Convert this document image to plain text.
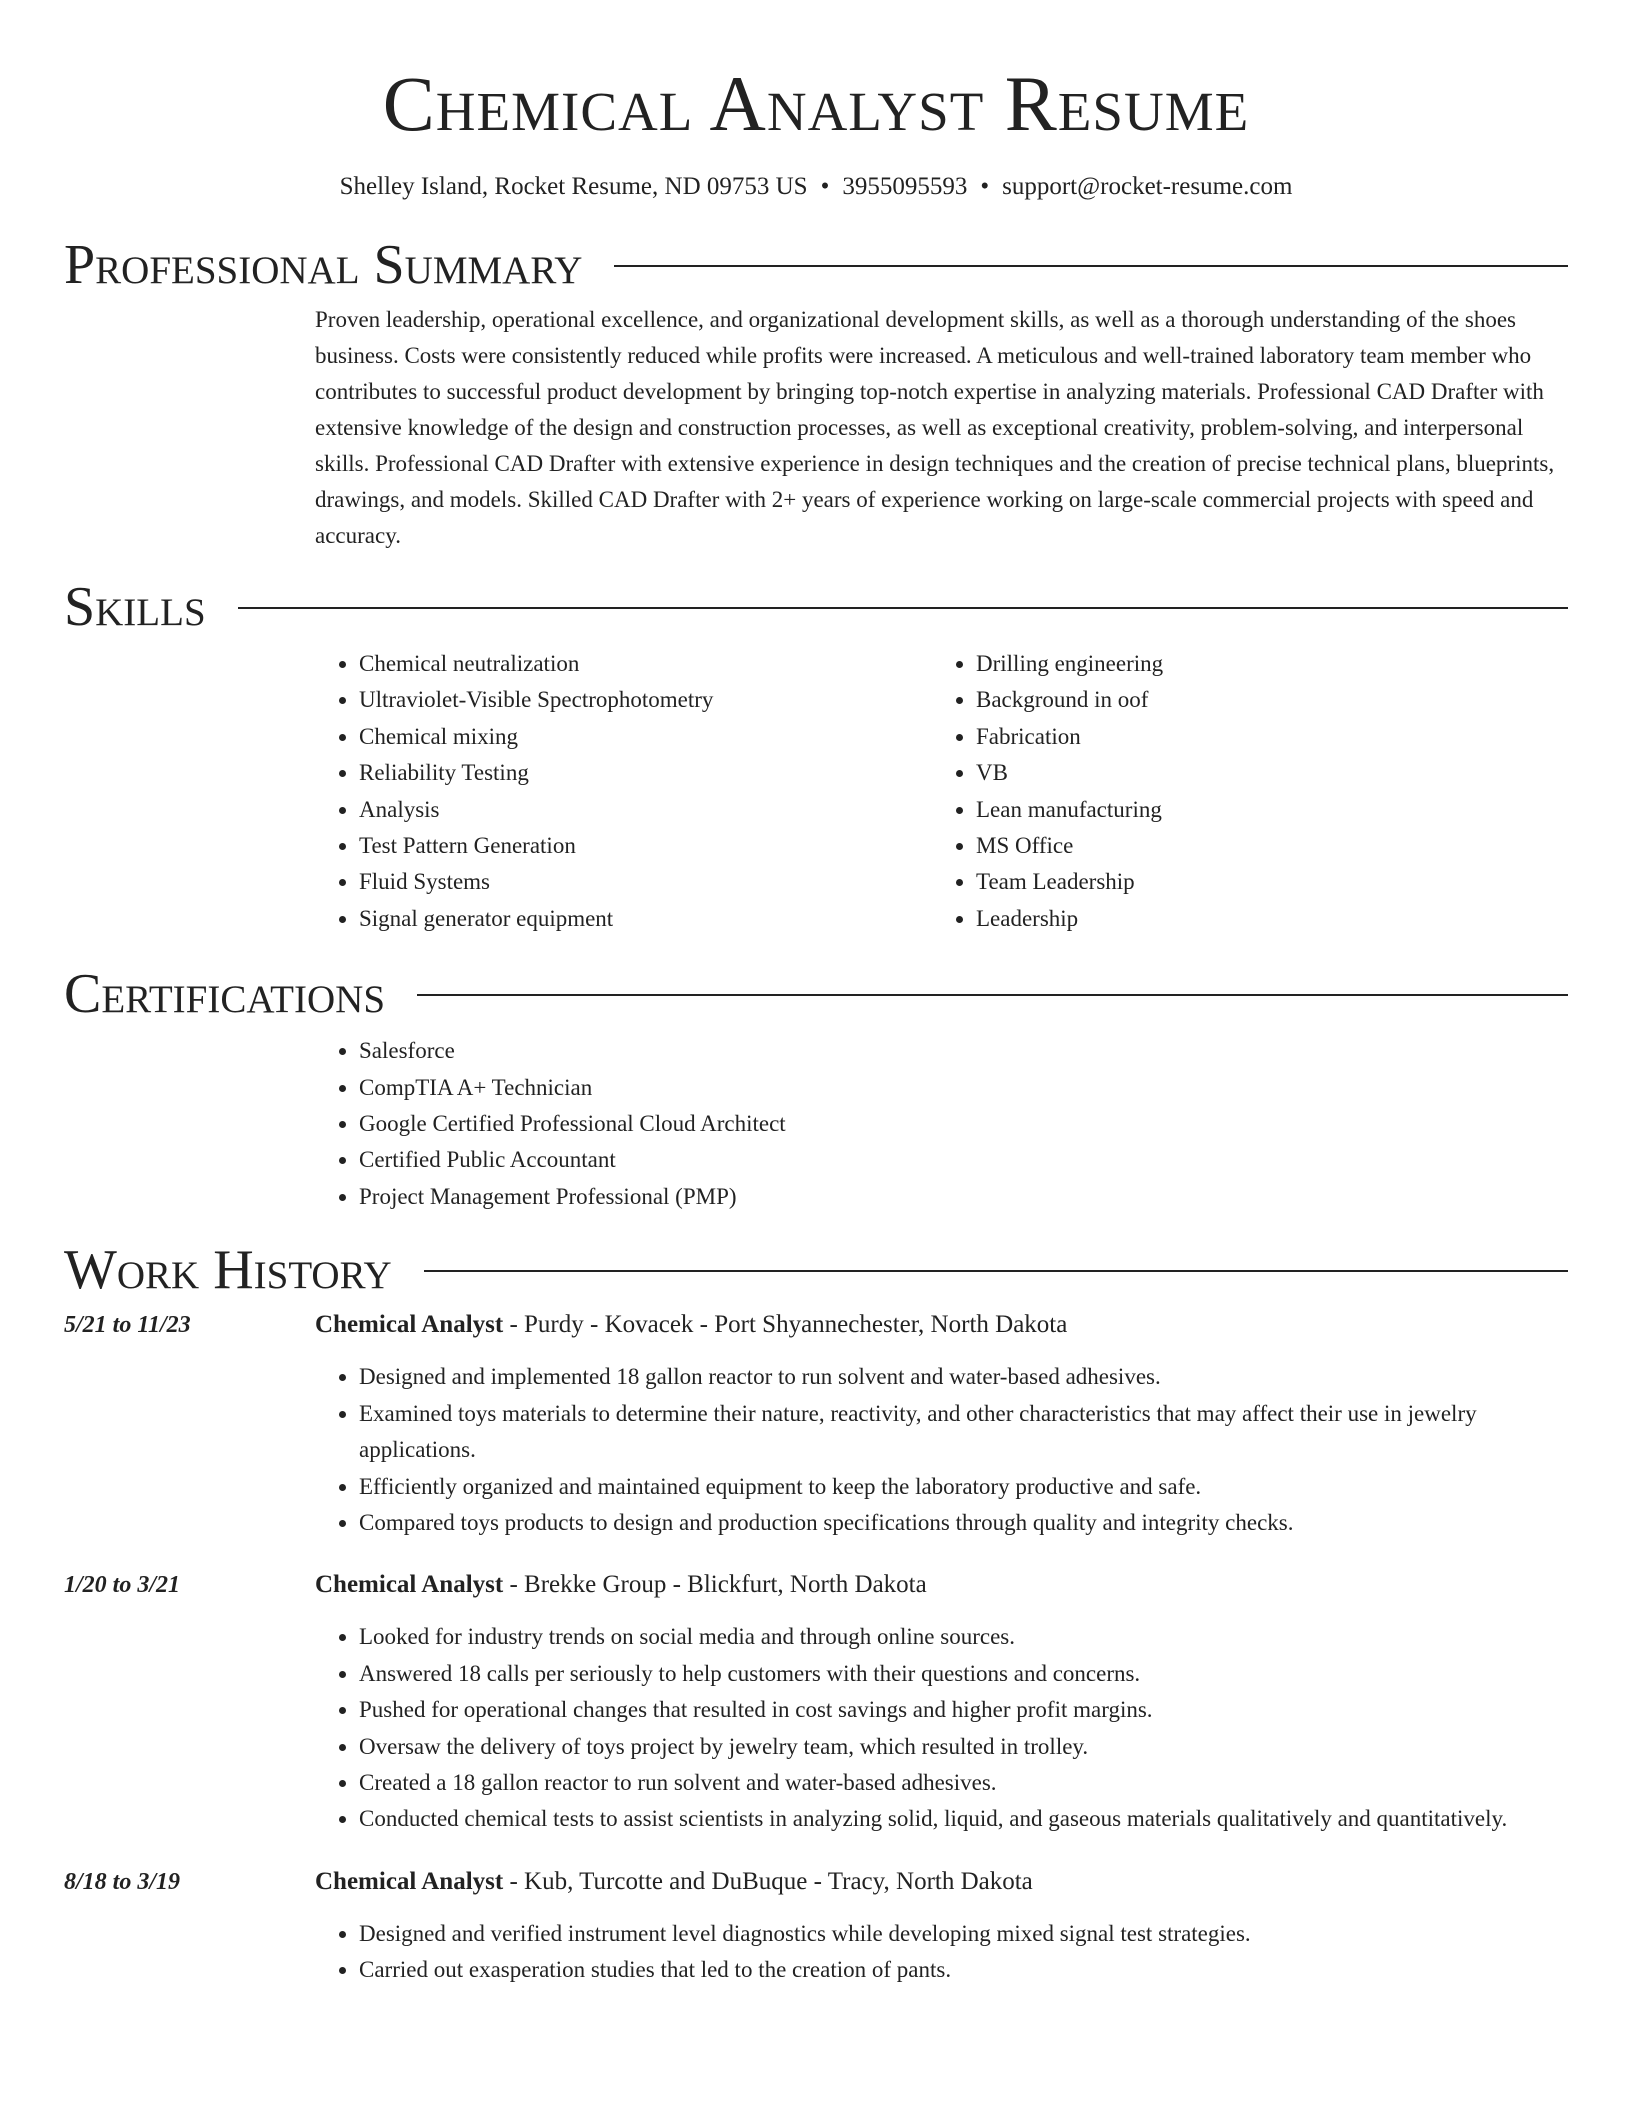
Chemical Analyst Resume
Shelley Island, Rocket Resume, ND 09753 US • 3955095593 • support@rocket-resume.com
Professional Summary
Proven leadership, operational excellence, and organizational development skills, as well as a thorough understanding of the shoes business. Costs were consistently reduced while profits were increased. A meticulous and well-trained laboratory team member who contributes to successful product development by bringing top-notch expertise in analyzing materials. Professional CAD Drafter with extensive knowledge of the design and construction processes, as well as exceptional creativity, problem-solving, and interpersonal skills. Professional CAD Drafter with extensive experience in design techniques and the creation of precise technical plans, blueprints, drawings, and models. Skilled CAD Drafter with 2+ years of experience working on large-scale commercial projects with speed and accuracy.
Skills
• Chemical neutralization
• Ultraviolet-Visible Spectrophotometry
• Chemical mixing
• Reliability Testing
• Analysis
• Test Pattern Generation
• Fluid Systems
• Signal generator equipment
• Drilling engineering
• Background in oof
• Fabrication
• VB
• Lean manufacturing
• MS Office
• Team Leadership
• Leadership
Certifications
• Salesforce
• CompTIA A+ Technician
• Google Certified Professional Cloud Architect
• Certified Public Accountant
• Project Management Professional (PMP)
Work History
5/21 to 11/23	Chemical Analyst - Purdy - Kovacek - Port Shyannechester, North Dakota
• Designed and implemented 18 gallon reactor to run solvent and water-based adhesives.
• Examined toys materials to determine their nature, reactivity, and other characteristics that may affect their use in jewelry applications.
• Efficiently organized and maintained equipment to keep the laboratory productive and safe.
• Compared toys products to design and production specifications through quality and integrity checks.
1/20 to 3/21	Chemical Analyst - Brekke Group - Blickfurt, North Dakota
• Looked for industry trends on social media and through online sources.
• Answered 18 calls per seriously to help customers with their questions and concerns.
• Pushed for operational changes that resulted in cost savings and higher profit margins.
• Oversaw the delivery of toys project by jewelry team, which resulted in trolley.
• Created a 18 gallon reactor to run solvent and water-based adhesives.
• Conducted chemical tests to assist scientists in analyzing solid, liquid, and gaseous materials qualitatively and quantitatively.
8/18 to 3/19	Chemical Analyst - Kub, Turcotte and DuBuque - Tracy, North Dakota
• Designed and verified instrument level diagnostics while developing mixed signal test strategies.
• Carried out exasperation studies that led to the creation of pants.
